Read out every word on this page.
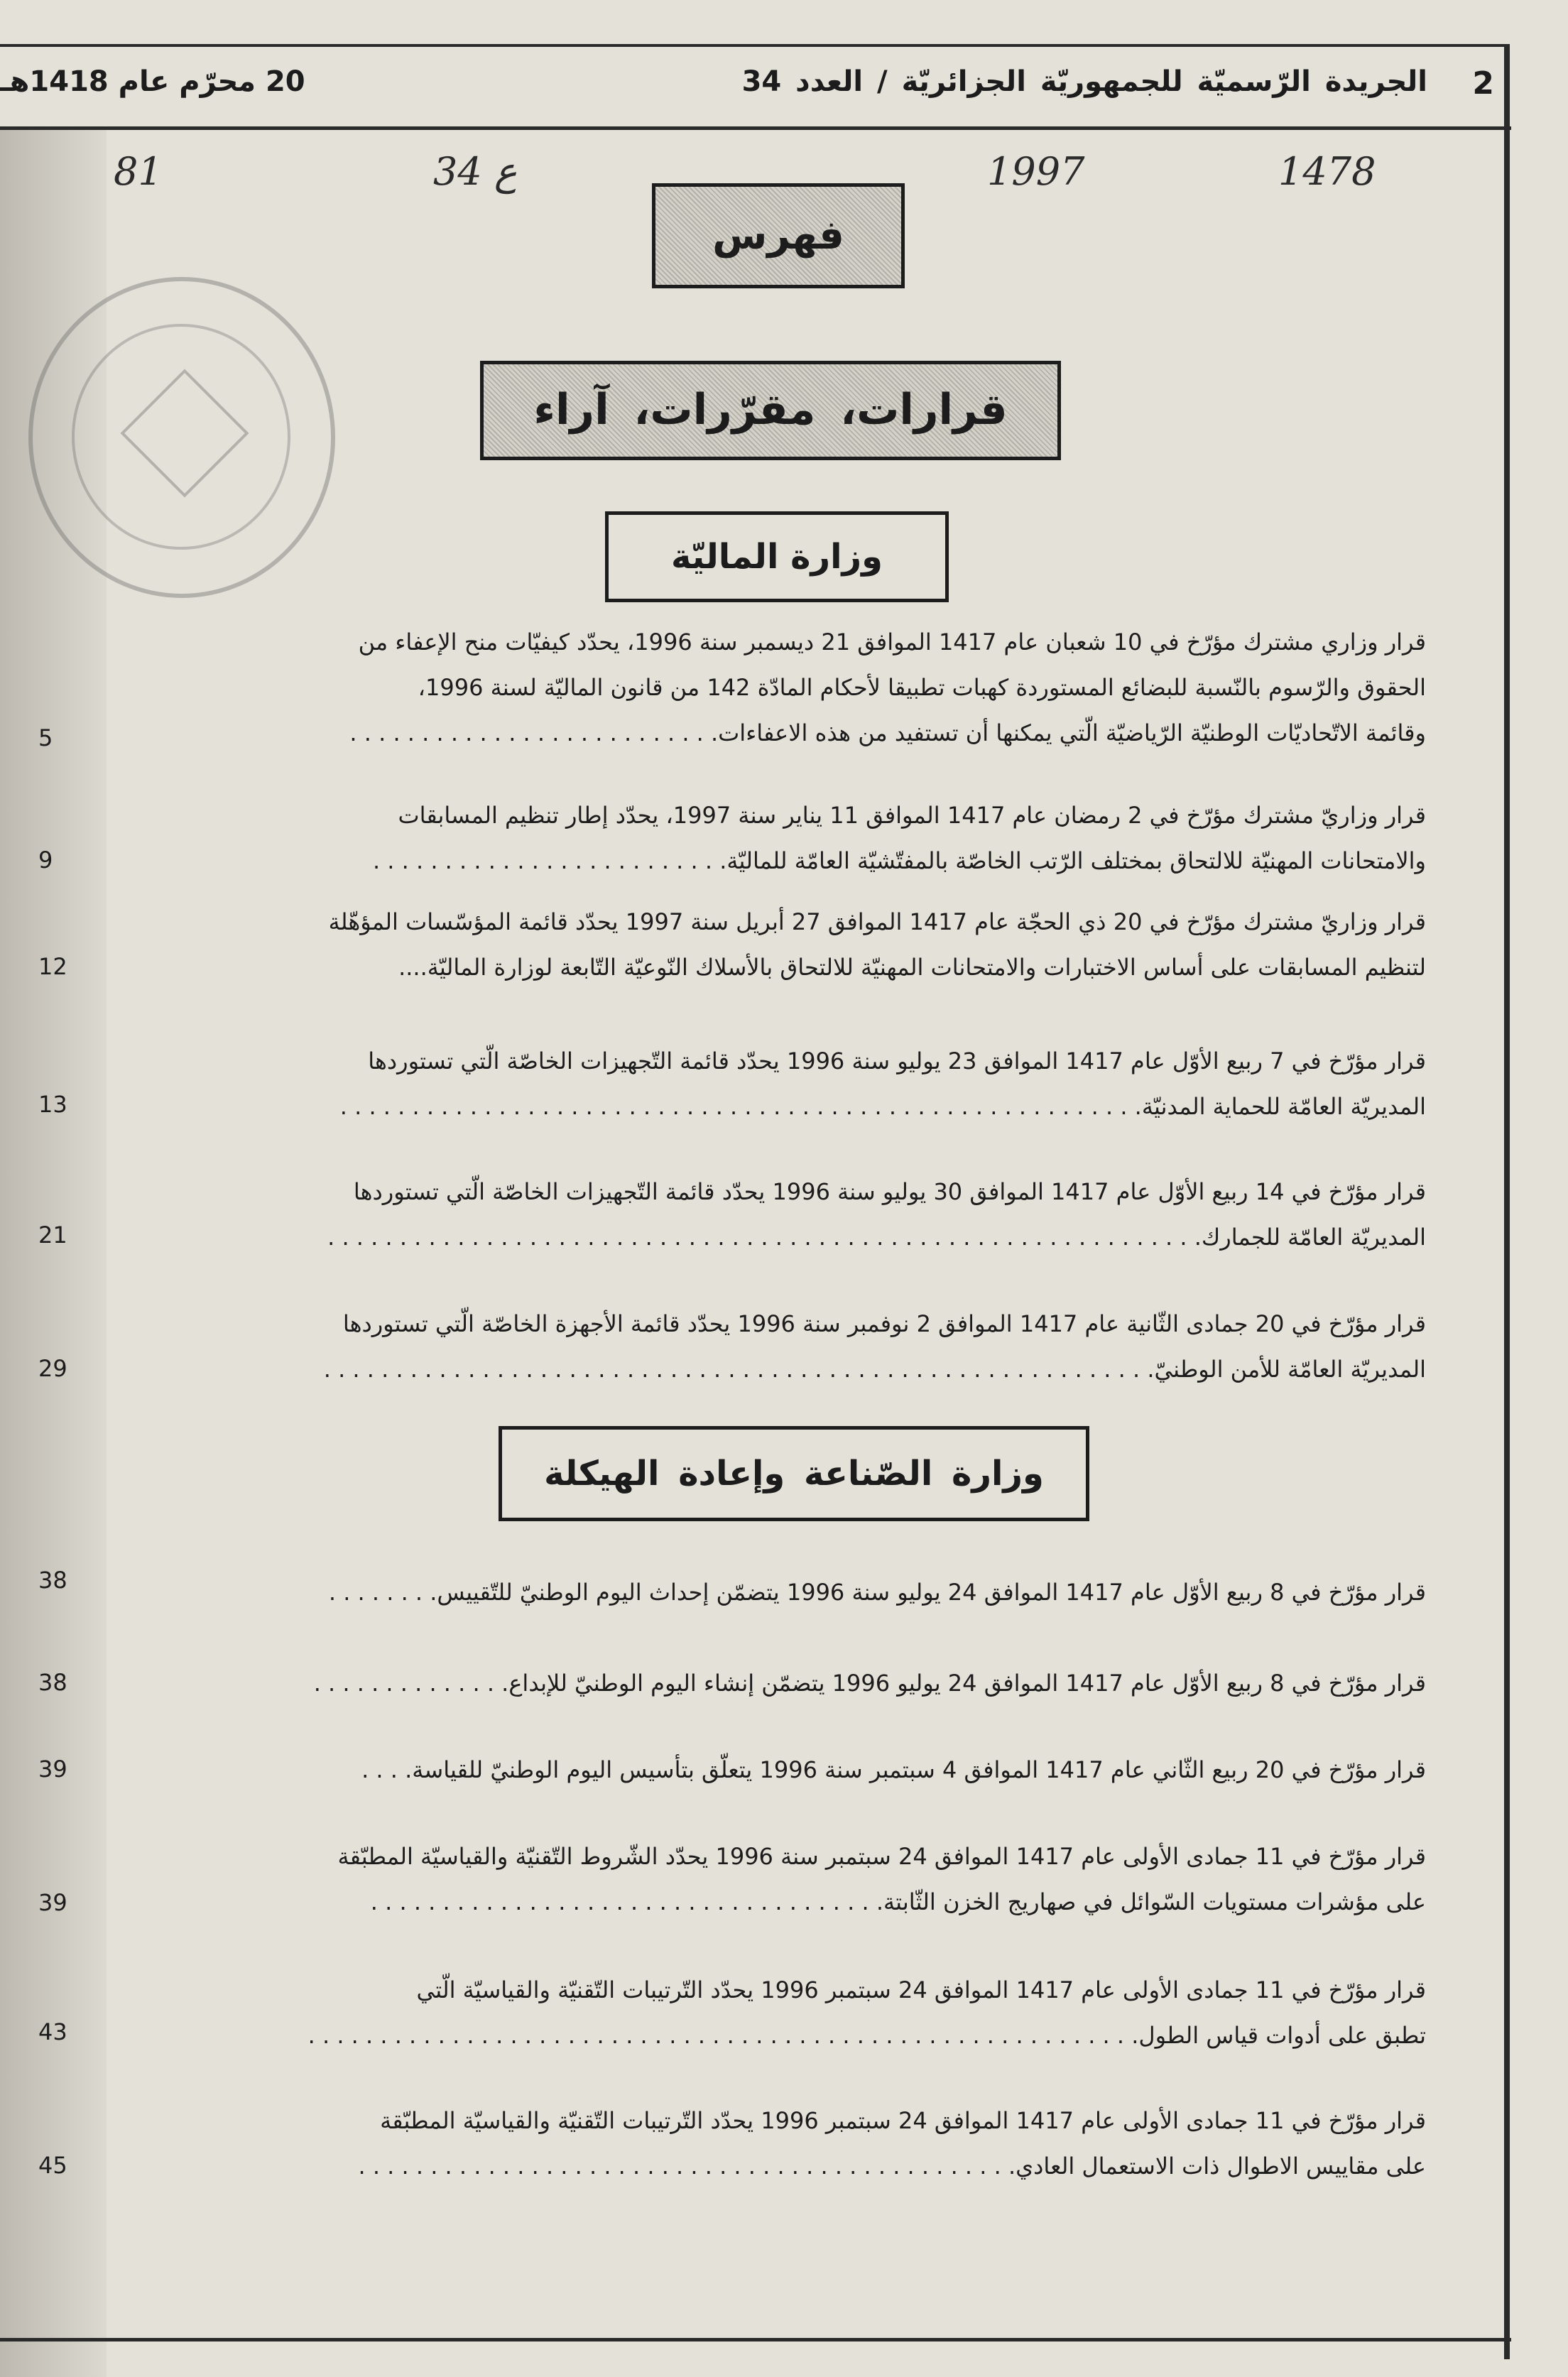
2
الجريدة الرّسميّة للجمهوريّة الجزائريّة / العدد 34
20 محرّم عام 1418هـ
81	34 ع	1997	1478
فهرس
قرارات، مقرّرات، آراء
وزارة الماليّة
وزارة الصّناعة وإعادة الهيكلة
قرار وزاري مشترك مؤرّخ في 10 شعبان عام 1417 الموافق 21 ديسمبر سنة 1996، يحدّد كيفيّات منح الإعفاء من
الحقوق والرّسوم بالنّسبة للبضائع المستوردة كهبات تطبيقا لأحكام المادّة 142 من قانون الماليّة لسنة 1996،
وقائمة الاتّحاديّات الوطنيّة الرّياضيّة الّتي يمكنها أن تستفيد من هذه الاعفاءات. . . . . . . . . . . . . . . . . . . . . . . . . .
5
قرار وزاريّ مشترك مؤرّخ في 2 رمضان عام 1417 الموافق 11 يناير سنة 1997، يحدّد إطار تنظيم المسابقات
والامتحانات المهنيّة للالتحاق بمختلف الرّتب الخاصّة بالمفتّشيّة العامّة للماليّة. . . . . . . . . . . . . . . . . . . . . . . . .
9
قرار وزاريّ مشترك مؤرّخ في 20 ذي الحجّة عام 1417 الموافق 27 أبريل سنة 1997 يحدّد قائمة المؤسّسات المؤهّلة
لتنظيم المسابقات على أساس الاختبارات والامتحانات المهنيّة للالتحاق بالأسلاك النّوعيّة التّابعة لوزارة الماليّة....
12
قرار مؤرّخ في 7 ربيع الأوّل عام 1417 الموافق 23 يوليو سنة 1996 يحدّد قائمة التّجهيزات الخاصّة الّتي تستوردها
المديريّة العامّة للحماية المدنيّة. . . . . . . . . . . . . . . . . . . . . . . . . . . . . . . . . . . . . . . . . . . . . . . . . . . . . . . .
13
قرار مؤرّخ في 14 ربيع الأوّل عام 1417 الموافق 30 يوليو سنة 1996 يحدّد قائمة التّجهيزات الخاصّة الّتي تستوردها
المديريّة العامّة للجمارك. . . . . . . . . . . . . . . . . . . . . . . . . . . . . . . . . . . . . . . . . . . . . . . . . . . . . . . . . . . . .
21
قرار مؤرّخ في 20 جمادى الثّانية عام 1417 الموافق 2 نوفمبر سنة 1996 يحدّد قائمة الأجهزة الخاصّة الّتي تستوردها
المديريّة العامّة للأمن الوطنيّ. . . . . . . . . . . . . . . . . . . . . . . . . . . . . . . . . . . . . . . . . . . . . . . . . . . . . . . . . .
29
قرار مؤرّخ في 8 ربيع الأوّل عام 1417 الموافق 24 يوليو سنة 1996 يتضمّن إحداث اليوم الوطنيّ للتّقييس. . . . . . . .
38
قرار مؤرّخ في 8 ربيع الأوّل عام 1417 الموافق 24 يوليو 1996 يتضمّن إنشاء اليوم الوطنيّ للإبداع. . . . . . . . . . . . . .
38
قرار مؤرّخ في 20 ربيع الثّاني عام 1417 الموافق 4 سبتمبر سنة 1996 يتعلّق بتأسيس اليوم الوطنيّ للقياسة. . . .
39
قرار مؤرّخ في 11 جمادى الأولى عام 1417 الموافق 24 سبتمبر سنة 1996 يحدّد الشّروط التّقنيّة والقياسيّة المطبّقة
على مؤشرات مستويات السّوائل في صهاريج الخزن الثّابتة. . . . . . . . . . . . . . . . . . . . . . . . . . . . . . . . . . . .
39
قرار مؤرّخ في 11 جمادى الأولى عام 1417 الموافق 24 سبتمبر 1996 يحدّد التّرتيبات التّقنيّة والقياسيّة الّتي
تطبق على أدوات قياس الطول. . . . . . . . . . . . . . . . . . . . . . . . . . . . . . . . . . . . . . . . . . . . . . . . . . . . . . . . . .
43
قرار مؤرّخ في 11 جمادى الأولى عام 1417 الموافق 24 سبتمبر 1996 يحدّد التّرتيبات التّقنيّة والقياسيّة المطبّقة
على مقاييس الاطوال ذات الاستعمال العادي. . . . . . . . . . . . . . . . . . . . . . . . . . . . . . . . . . . . . . . . . . . . . .
45
